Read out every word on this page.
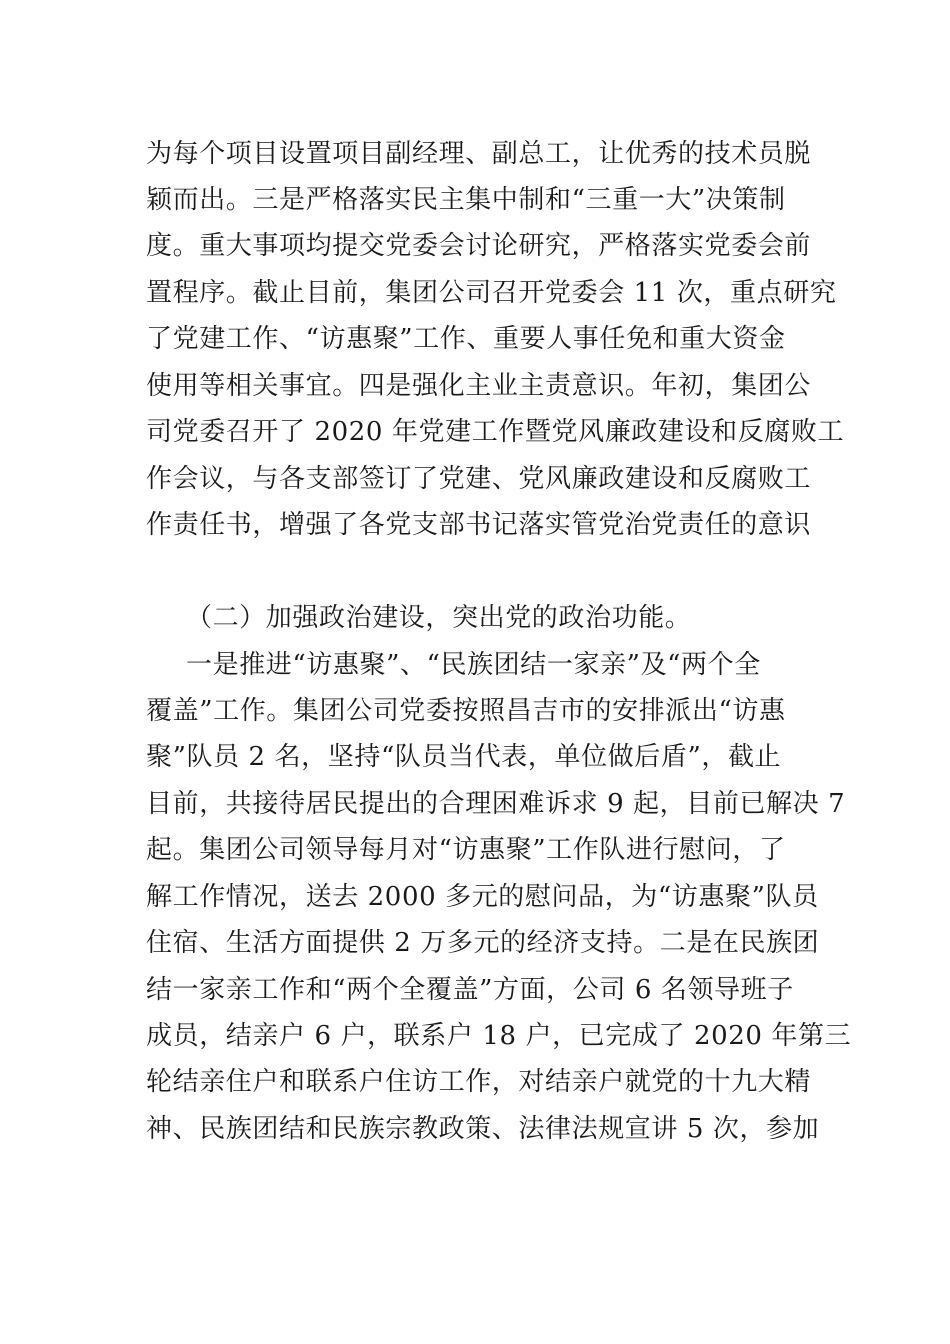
为每个项目设置项目副经理、副总工，让优秀的技术员脱
颖而出。三是严格落实民主集中制和“三重一大”决策制
度。重大事项均提交党委会讨论研究，严格落实党委会前
置程序。截止目前，集团公司召开党委会 11 次，重点研究
了党建工作、“访惠聚”工作、重要人事任免和重大资金
使用等相关事宜。四是强化主业主责意识。年初，集团公
司党委召开了 2020 年党建工作暨党风廉政建设和反腐败工
作会议，与各支部签订了党建、党风廉政建设和反腐败工
作责任书，增强了各党支部书记落实管党治党责任的意识
（二）加强政治建设，突出党的政治功能。
一是推进“访惠聚”、“民族团结一家亲”及“两个全
覆盖”工作。集团公司党委按照昌吉市的安排派出“访惠
聚”队员 2 名，坚持“队员当代表，单位做后盾”，截止
目前，共接待居民提出的合理困难诉求 9 起，目前已解决 7
起。集团公司领导每月对“访惠聚”工作队进行慰问，了
解工作情况，送去 2000 多元的慰问品，为“访惠聚”队员
住宿、生活方面提供 2 万多元的经济支持。二是在民族团
结一家亲工作和“两个全覆盖”方面，公司 6 名领导班子
成员，结亲户 6 户，联系户 18 户，已完成了 2020 年第三
轮结亲住户和联系户住访工作，对结亲户就党的十九大精
神、民族团结和民族宗教政策、法律法规宣讲 5 次，参加
